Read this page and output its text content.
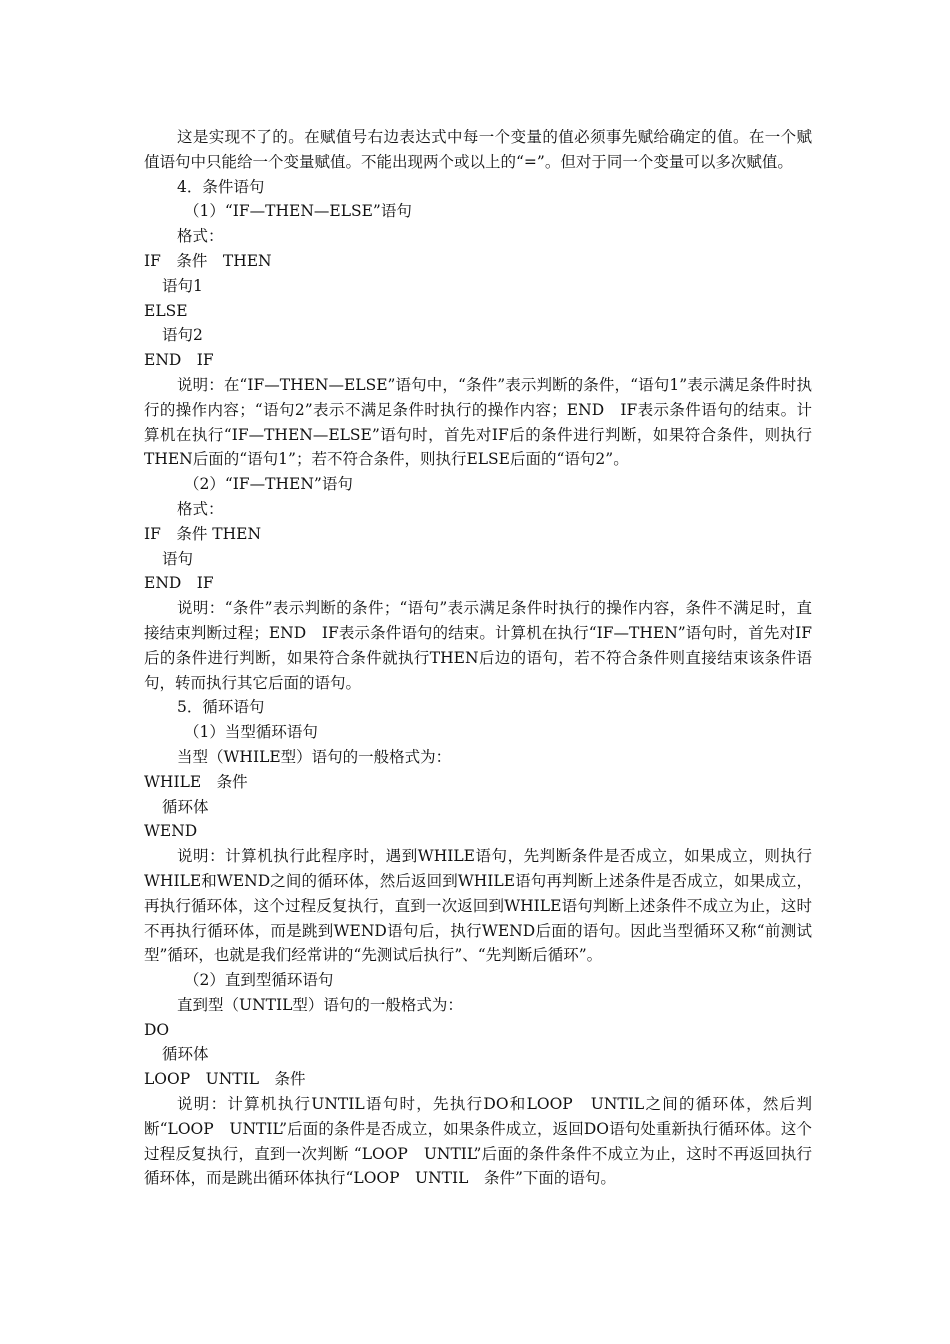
这是实现不了的。在赋值号右边表达式中每一个变量的值必须事先赋给确定的值。在一个赋值语句中只能给一个变量赋值。不能出现两个或以上的“=”。但对于同一个变量可以多次赋值。

4．条件语句

（1）“IF—THEN—ELSE”语句

格式：

IF　条件　THEN

语句1

ELSE

语句2

END　IF

说明：在“IF—THEN—ELSE”语句中，“条件”表示判断的条件，“语句1”表示满足条件时执行的操作内容；“语句2”表示不满足条件时执行的操作内容；END　IF表示条件语句的结束。计算机在执行“IF—THEN—ELSE”语句时，首先对IF后的条件进行判断，如果符合条件，则执行THEN后面的“语句1”；若不符合条件，则执行ELSE后面的“语句2”。

（2）“IF—THEN”语句

格式：

IF　条件 THEN

语句

END　IF

说明：“条件”表示判断的条件；“语句”表示满足条件时执行的操作内容，条件不满足时，直接结束判断过程；END　IF表示条件语句的结束。计算机在执行“IF—THEN”语句时，首先对IF后的条件进行判断，如果符合条件就执行THEN后边的语句，若不符合条件则直接结束该条件语句，转而执行其它后面的语句。

5．循环语句

（1）当型循环语句

当型（WHILE型）语句的一般格式为：

WHILE　条件

循环体

WEND

说明：计算机执行此程序时，遇到WHILE语句，先判断条件是否成立，如果成立，则执行WHILE和WEND之间的循环体，然后返回到WHILE语句再判断上述条件是否成立，如果成立，再执行循环体，这个过程反复执行，直到一次返回到WHILE语句判断上述条件不成立为止，这时不再执行循环体，而是跳到WEND语句后，执行WEND后面的语句。因此当型循环又称“前测试型”循环，也就是我们经常讲的“先测试后执行”、“先判断后循环”。

（2）直到型循环语句

直到型（UNTIL型）语句的一般格式为：

DO

循环体

LOOP　UNTIL　条件

说明：计算机执行UNTIL语句时，先执行DO和LOOP　UNTIL之间的循环体，然后判断“LOOP　UNTIL”后面的条件是否成立，如果条件成立，返回DO语句处重新执行循环体。这个过程反复执行，直到一次判断 “LOOP　UNTIL”后面的条件条件不成立为止，这时不再返回执行循环体，而是跳出循环体执行“LOOP　UNTIL　条件”下面的语句。
